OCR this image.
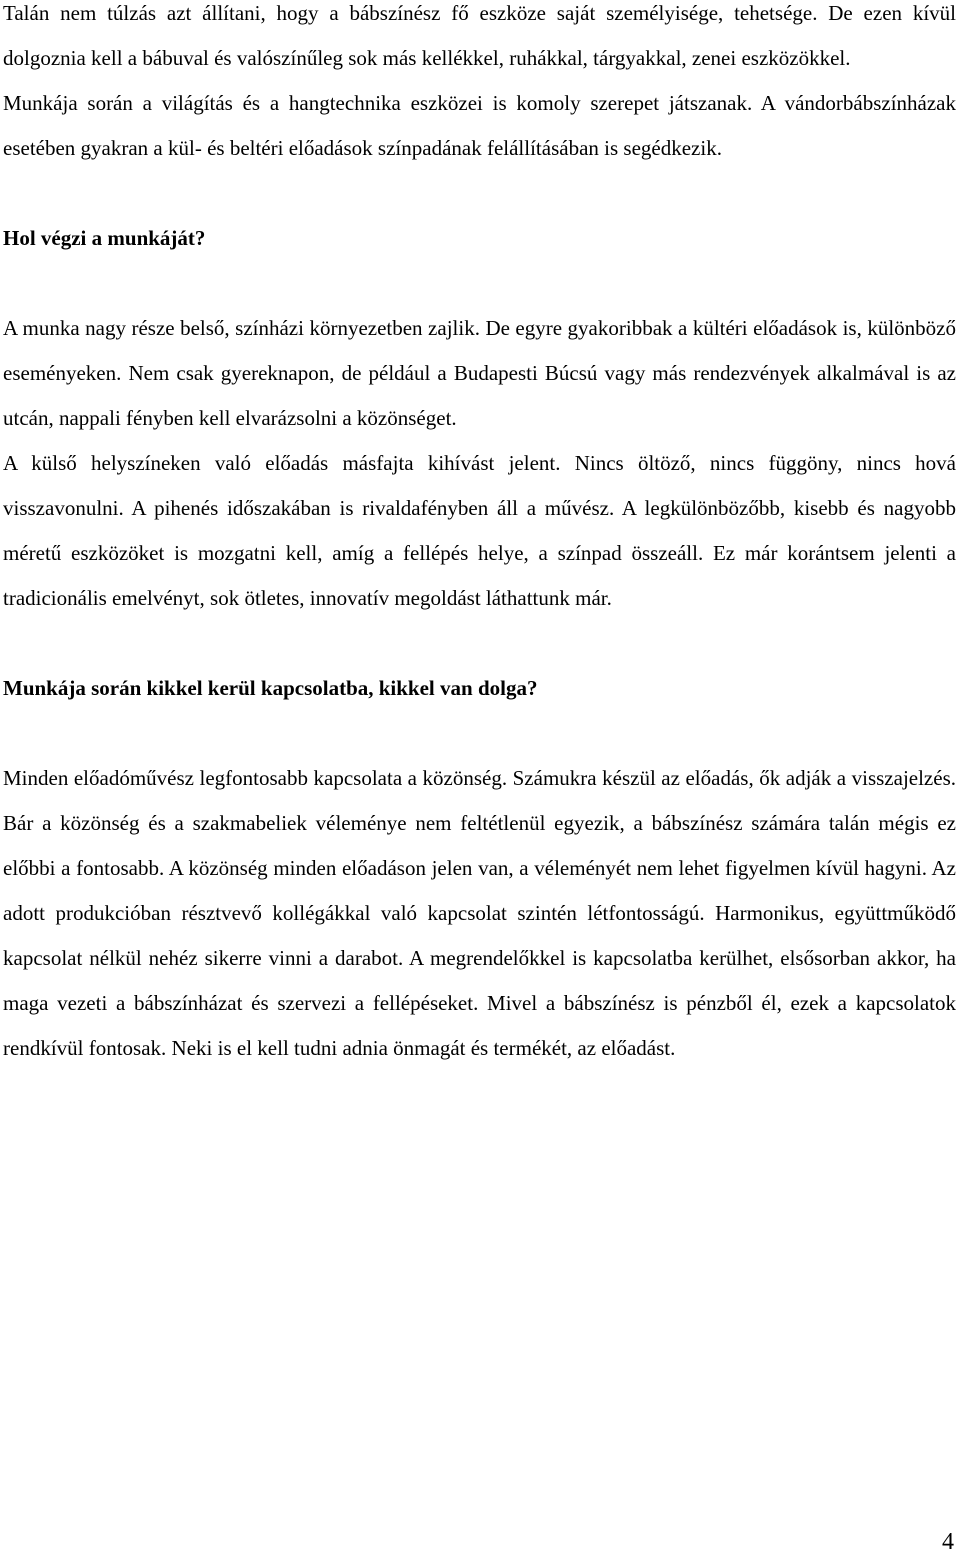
Talán nem túlzás azt állítani, hogy a bábszínész fő eszköze saját személyisége, tehetsége. De ezen kívül dolgoznia kell a bábuval és valószínűleg sok más kellékkel, ruhákkal, tárgyakkal, zenei eszközökkel.

Munkája során a világítás és a hangtechnika eszközei is komoly szerepet játszanak. A vándorbábszínházak esetében gyakran a kül- és beltéri előadások színpadának felállításában is segédkezik.

Hol végzi a munkáját?

A munka nagy része belső, színházi környezetben zajlik. De egyre gyakoribbak a kültéri előadások is, különböző eseményeken. Nem csak gyereknapon, de például a Budapesti Búcsú vagy más rendezvények alkalmával is az utcán, nappali fényben kell elvarázsolni a közönséget.

A külső helyszíneken való előadás másfajta kihívást jelent. Nincs öltöző, nincs függöny, nincs hová visszavonulni. A pihenés időszakában is rivaldafényben áll a művész. A legkülönbözőbb, kisebb és nagyobb méretű eszközöket is mozgatni kell, amíg a fellépés helye, a színpad összeáll. Ez már korántsem jelenti a tradicionális emelvényt, sok ötletes, innovatív megoldást láthattunk már.

Munkája során kikkel kerül kapcsolatba, kikkel van dolga?

Minden előadóművész legfontosabb kapcsolata a közönség. Számukra készül az előadás, ők adják a visszajelzés. Bár a közönség és a szakmabeliek véleménye nem feltétlenül egyezik, a bábszínész számára talán mégis ez előbbi a fontosabb. A közönség minden előadáson jelen van, a véleményét nem lehet figyelmen kívül hagyni. Az adott produkcióban résztvevő kollégákkal való kapcsolat szintén létfontosságú. Harmonikus, együttműködő kapcsolat nélkül nehéz sikerre vinni a darabot. A megrendelőkkel is kapcsolatba kerülhet, elsősorban akkor, ha maga vezeti a bábszínházat és szervezi a fellépéseket. Mivel a bábszínész is pénzből él, ezek a kapcsolatok rendkívül fontosak. Neki is el kell tudni adnia önmagát és termékét, az előadást.

4
